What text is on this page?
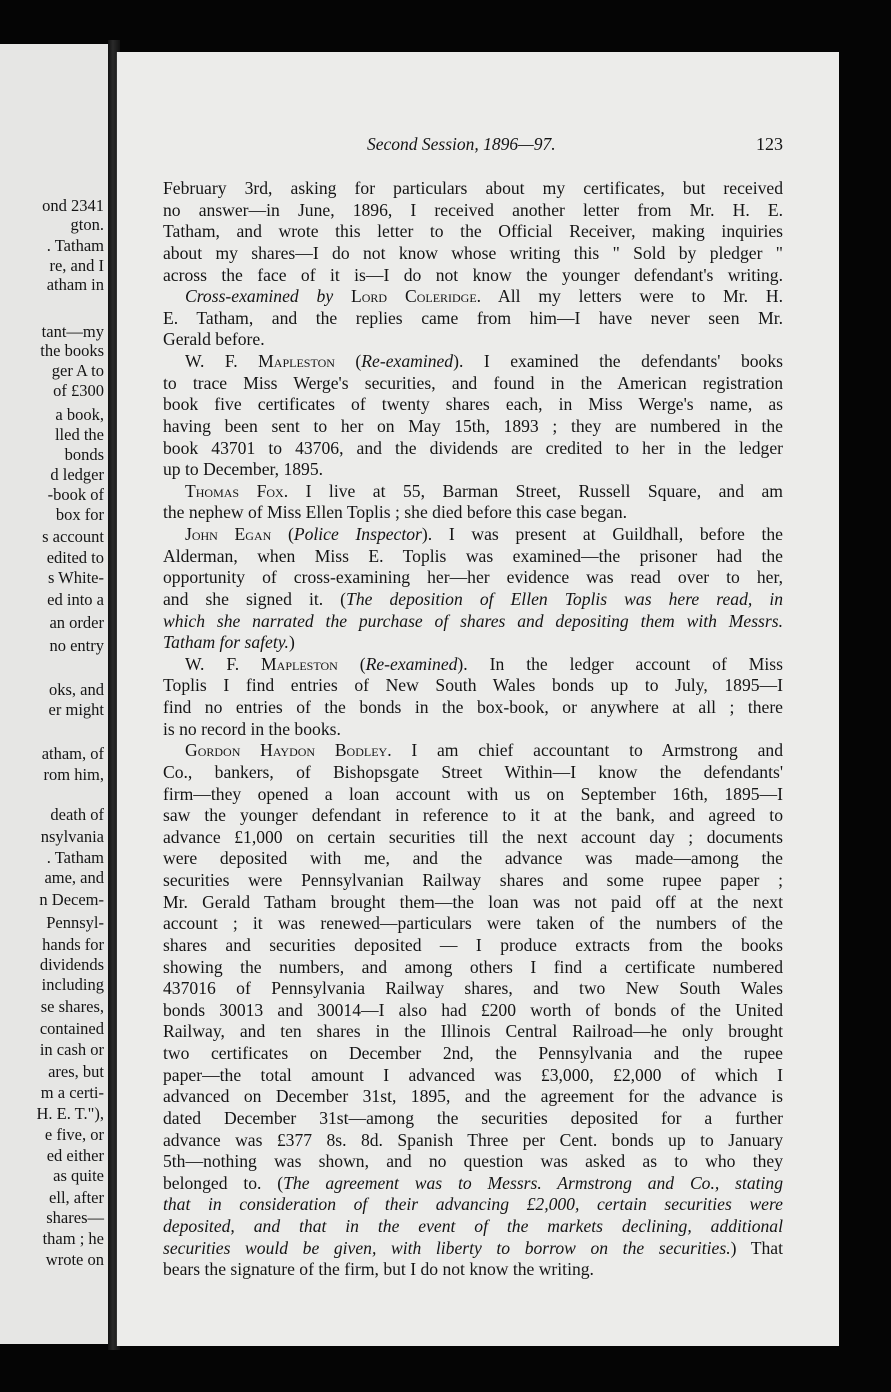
ond 2341
gton.
. Tatham
re, and I
atham in
tant—my
the books
ger A to
of £300
a book,
lled the
bonds
d ledger
-book of
box for
s account
edited to
s White-
ed into a
an order
no entry
oks, and
er might
atham, of
rom him,
death of
nsylvania
. Tatham
ame, and
n Decem-
Pennsyl-
hands for
dividends
including
se shares,
contained
in cash or
ares, but
m a certi-
H. E. T."),
e five, or
ed either
as quite
ell, after
shares—
tham ; he
wrote on
Second Session, 1896—97.	123
February 3rd, asking for particulars about my certificates, but received
no answer—in June, 1896, I received another letter from Mr. H. E.
Tatham, and wrote this letter to the Official Receiver, making inquiries
about my shares—I do not know whose writing this " Sold by pledger "
across the face of it is—I do not know the younger defendant's writing.
Cross-examined by Lord Coleridge. All my letters were to Mr. H.
E. Tatham, and the replies came from him—I have never seen Mr.
Gerald before.
W. F. Mapleston (Re-examined). I examined the defendants' books
to trace Miss Werge's securities, and found in the American registration
book five certificates of twenty shares each, in Miss Werge's name, as
having been sent to her on May 15th, 1893 ; they are numbered in the
book 43701 to 43706, and the dividends are credited to her in the ledger
up to December, 1895.
Thomas Fox. I live at 55, Barman Street, Russell Square, and am
the nephew of Miss Ellen Toplis ; she died before this case began.
John Egan (Police Inspector). I was present at Guildhall, before the
Alderman, when Miss E. Toplis was examined—the prisoner had the
opportunity of cross-examining her—her evidence was read over to her,
and she signed it. (The deposition of Ellen Toplis was here read, in
which she narrated the purchase of shares and depositing them with Messrs.
Tatham for safety.)
W. F. Mapleston (Re-examined). In the ledger account of Miss
Toplis I find entries of New South Wales bonds up to July, 1895—I
find no entries of the bonds in the box-book, or anywhere at all ; there
is no record in the books.
Gordon Haydon Bodley. I am chief accountant to Armstrong and
Co., bankers, of Bishopsgate Street Within—I know the defendants'
firm—they opened a loan account with us on September 16th, 1895—I
saw the younger defendant in reference to it at the bank, and agreed to
advance £1,000 on certain securities till the next account day ; documents
were deposited with me, and the advance was made—among the
securities were Pennsylvanian Railway shares and some rupee paper ;
Mr. Gerald Tatham brought them—the loan was not paid off at the next
account ; it was renewed—particulars were taken of the numbers of the
shares and securities deposited — I produce extracts from the books
showing the numbers, and among others I find a certificate numbered
437016 of Pennsylvania Railway shares, and two New South Wales
bonds 30013 and 30014—I also had £200 worth of bonds of the United
Railway, and ten shares in the Illinois Central Railroad—he only brought
two certificates on December 2nd, the Pennsylvania and the rupee
paper—the total amount I advanced was £3,000, £2,000 of which I
advanced on December 31st, 1895, and the agreement for the advance is
dated December 31st—among the securities deposited for a further
advance was £377 8s. 8d. Spanish Three per Cent. bonds up to January
5th—nothing was shown, and no question was asked as to who they
belonged to. (The agreement was to Messrs. Armstrong and Co., stating
that in consideration of their advancing £2,000, certain securities were
deposited, and that in the event of the markets declining, additional
securities would be given, with liberty to borrow on the securities.) That
bears the signature of the firm, but I do not know the writing.
